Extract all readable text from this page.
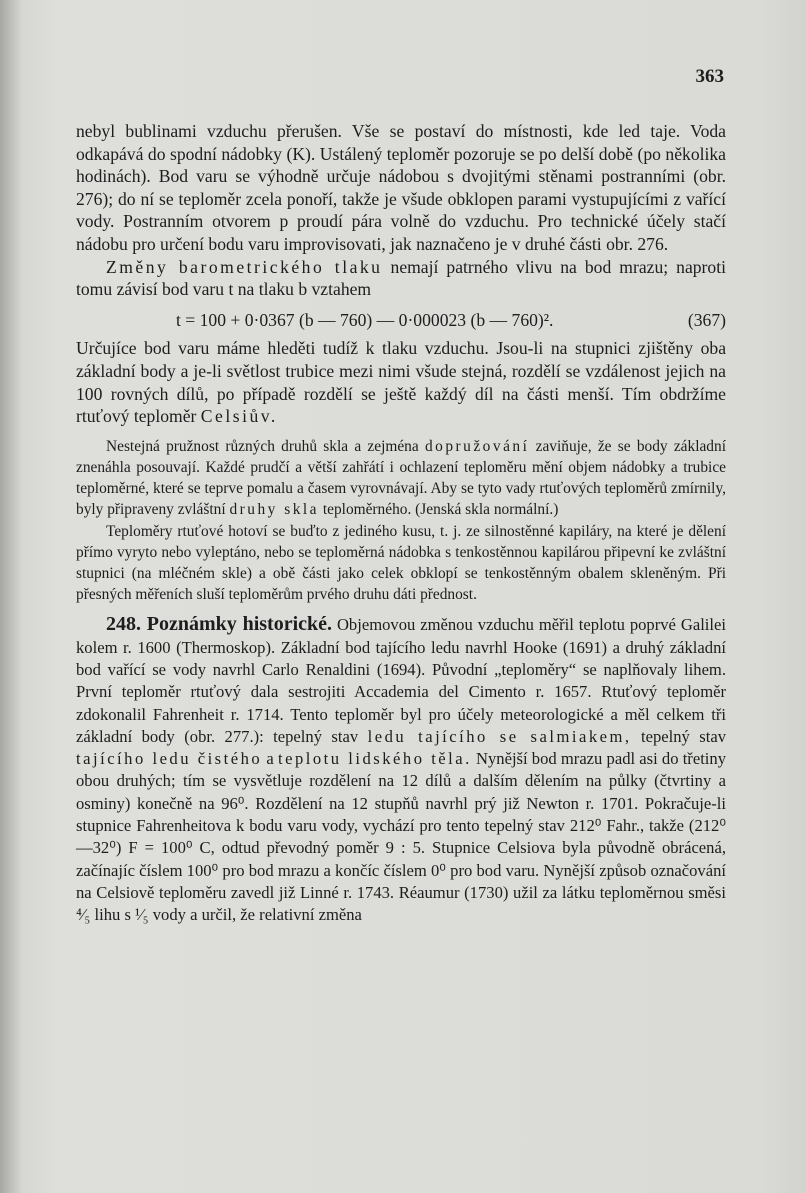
363

nebyl bublinami vzduchu přerušen. Vše se postaví do místnosti, kde led taje. Voda odkapává do spodní nádobky (K). Ustálený teploměr pozoruje se po delší době (po několika hodinách). Bod varu se výhodně určuje nádobou s dvojitými stěnami postranními (obr. 276); do ní se teploměr zcela ponoří, takže je všude obklopen parami vystupujícími z vařící vody. Postranním otvorem p proudí pára volně do vzduchu. Pro technické účely stačí nádobu pro určení bodu varu improvisovati, jak naznačeno je v druhé části obr. 276.

Změny barometrického tlaku nemají patrného vlivu na bod mrazu; naproti tomu závisí bod varu t na tlaku b vztahem

t = 100 + 0·0367 (b — 760) — 0·000023 (b — 760)².	(367)

Určujíce bod varu máme hleděti tudíž k tlaku vzduchu. Jsou-li na stupnici zjištěny oba základní body a je-li světlost trubice mezi nimi všude stejná, rozdělí se vzdálenost jejich na 100 rovných dílů, po případě rozdělí se ještě každý díl na části menší. Tím obdržíme rtuťový teploměr Celsiův.

Nestejná pružnost různých druhů skla a zejména dopružování zaviňuje, že se body základní znenáhla posouvají. Každé prudčí a větší zahřátí i ochlazení teploměru mění objem nádobky a trubice teploměrné, které se teprve pomalu a časem vyrovnávají. Aby se tyto vady rtuťových teploměrů zmírnily, byly připraveny zvláštní druhy skla teploměrného. (Jenská skla normální.)

Teploměry rtuťové hotoví se buďto z jediného kusu, t. j. ze silnostěnné kapiláry, na které je dělení přímo vyryto nebo vyleptáno, nebo se teploměrná nádobka s tenkostěnnou kapilárou připevní ke zvláštní stupnici (na mléčném skle) a obě části jako celek obklopí se tenkostěnným obalem skleněným. Při přesných měřeních sluší teploměrům prvého druhu dáti přednost.

248. Poznámky historické. Objemovou změnou vzduchu měřil teplotu poprvé Galilei kolem r. 1600 (Thermoskop). Základní bod tajícího ledu navrhl Hooke (1691) a druhý základní bod vařící se vody navrhl Carlo Renaldini (1694). Původní „teploměry“ se naplňovaly lihem. První teploměr rtuťový dala sestrojiti Accademia del Cimento r. 1657. Rtuťový teploměr zdokonalil Fahrenheit r. 1714. Tento teploměr byl pro účely meteorologické a měl celkem tři základní body (obr. 277.): tepelný stav ledu tajícího se salmiakem, tepelný stav tajícího ledu čistého a teplotu lidského těla. Nynější bod mrazu padl asi do třetiny obou druhých; tím se vysvětluje rozdělení na 12 dílů a dalším dělením na půlky (čtvrtiny a osminy) konečně na 96⁰. Rozdělení na 12 stupňů navrhl prý již Newton r. 1701. Pokračuje-li stupnice Fahrenheitova k bodu varu vody, vychází pro tento tepelný stav 212⁰ Fahr., takže (212⁰—32⁰) F = 100⁰ C, odtud převodný poměr 9 : 5. Stupnice Celsiova byla původně obrácená, začínajíc číslem 100⁰ pro bod mrazu a končíc číslem 0⁰ pro bod varu. Nynější způsob označování na Celsiově teploměru zavedl již Linné r. 1743. Réaumur (1730) užil za látku teploměrnou směsi ⁴⁄₅ lihu s ¹⁄₅ vody a určil, že relativní změna
